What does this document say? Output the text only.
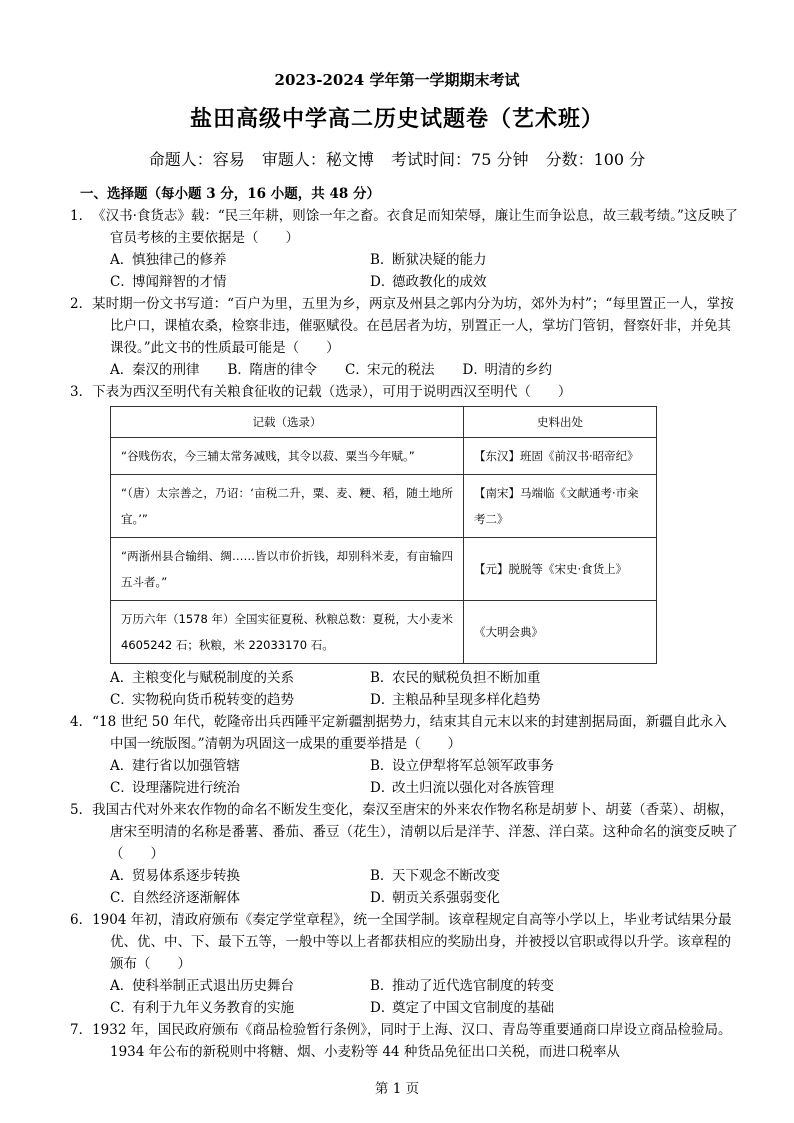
2023-2024 学年第一学期期末考试
盐田高级中学高二历史试题卷（艺术班）
命题人：容易 审题人：秘文博 考试时间：75 分钟 分数：100 分
一、选择题（每小题 3 分，16 小题，共 48 分）
1．《汉书·食货志》载：“民三年耕，则馀一年之畜。衣食足而知荣辱，廉让生而争讼息，故三载考绩。”这反映了官员考核的主要依据是（　　）
A．慎独律己的修养	B．断狱决疑的能力
C．博闻辩智的才情	D．德政教化的成效
2．某时期一份文书写道：“百户为里，五里为乡，两京及州县之郭内分为坊，郊外为村”；“每里置正一人，掌按比户口，课植农桑，检察非违，催驱赋役。在邑居者为坊，别置正一人，掌坊门管钥，督察奸非，并免其课役。”此文书的性质最可能是（　　）
A．秦汉的刑律 B．隋唐的律令 C．宋元的税法 D．明清的乡约
3．下表为西汉至明代有关粮食征收的记载（选录），可用于说明西汉至明代（　　）
记载（选录）	史料出处
“谷贱伤农，今三辅太常务减贱，其令以菽、粟当今年赋。”	【东汉】班固《前汉书·昭帝纪》
“（唐）太宗善之，乃诏：‘亩税二升，粟、麦、粳、稻，随土地所宜。’”	【南宋】马端临《文献通考·市籴考二》
“两浙州县合输绢、绸……皆以市价折钱，却别科米麦，有亩输四五斗者。”	【元】脱脱等《宋史·食货上》
万历六年（1578 年）全国实征夏税、秋粮总数：夏税，大小麦米 4605242 石；秋粮，米 22033170 石。	《大明会典》
A．主粮变化与赋税制度的关系	B．农民的赋税负担不断加重
C．实物税向货币税转变的趋势	D．主粮品种呈现多样化趋势
4．“18 世纪 50 年代，乾隆帝出兵西陲平定新疆割据势力，结束其自元末以来的封建割据局面，新疆自此永入中国一统版图。”清朝为巩固这一成果的重要举措是（　　）
A．建行省以加强管辖	B．设立伊犁将军总领军政事务
C．设理藩院进行统治	D．改土归流以强化对各族管理
5．我国古代对外来农作物的命名不断发生变化，秦汉至唐宋的外来农作物名称是胡萝卜、胡荽（香菜）、胡椒，唐宋至明清的名称是番薯、番茄、番豆（花生），清朝以后是洋芋、洋葱、洋白菜。这种命名的演变反映了（　　）
A．贸易体系逐步转换	B．天下观念不断改变
C．自然经济逐渐解体	D．朝贡关系强弱变化
6．1904 年初，清政府颁布《奏定学堂章程》，统一全国学制。该章程规定自高等小学以上，毕业考试结果分最优、优、中、下、最下五等，一般中等以上者都获相应的奖励出身，并被授以官职或得以升学。该章程的颁布（　　）
A．使科举制正式退出历史舞台	B．推动了近代选官制度的转变
C．有利于九年义务教育的实施	D．奠定了中国文官制度的基础
7．1932 年，国民政府颁布《商品检验暂行条例》，同时于上海、汉口、青岛等重要通商口岸设立商品检验局。1934 年公布的新税则中将糖、烟、小麦粉等 44 种货品免征出口关税，而进口税率从
第 1 页
